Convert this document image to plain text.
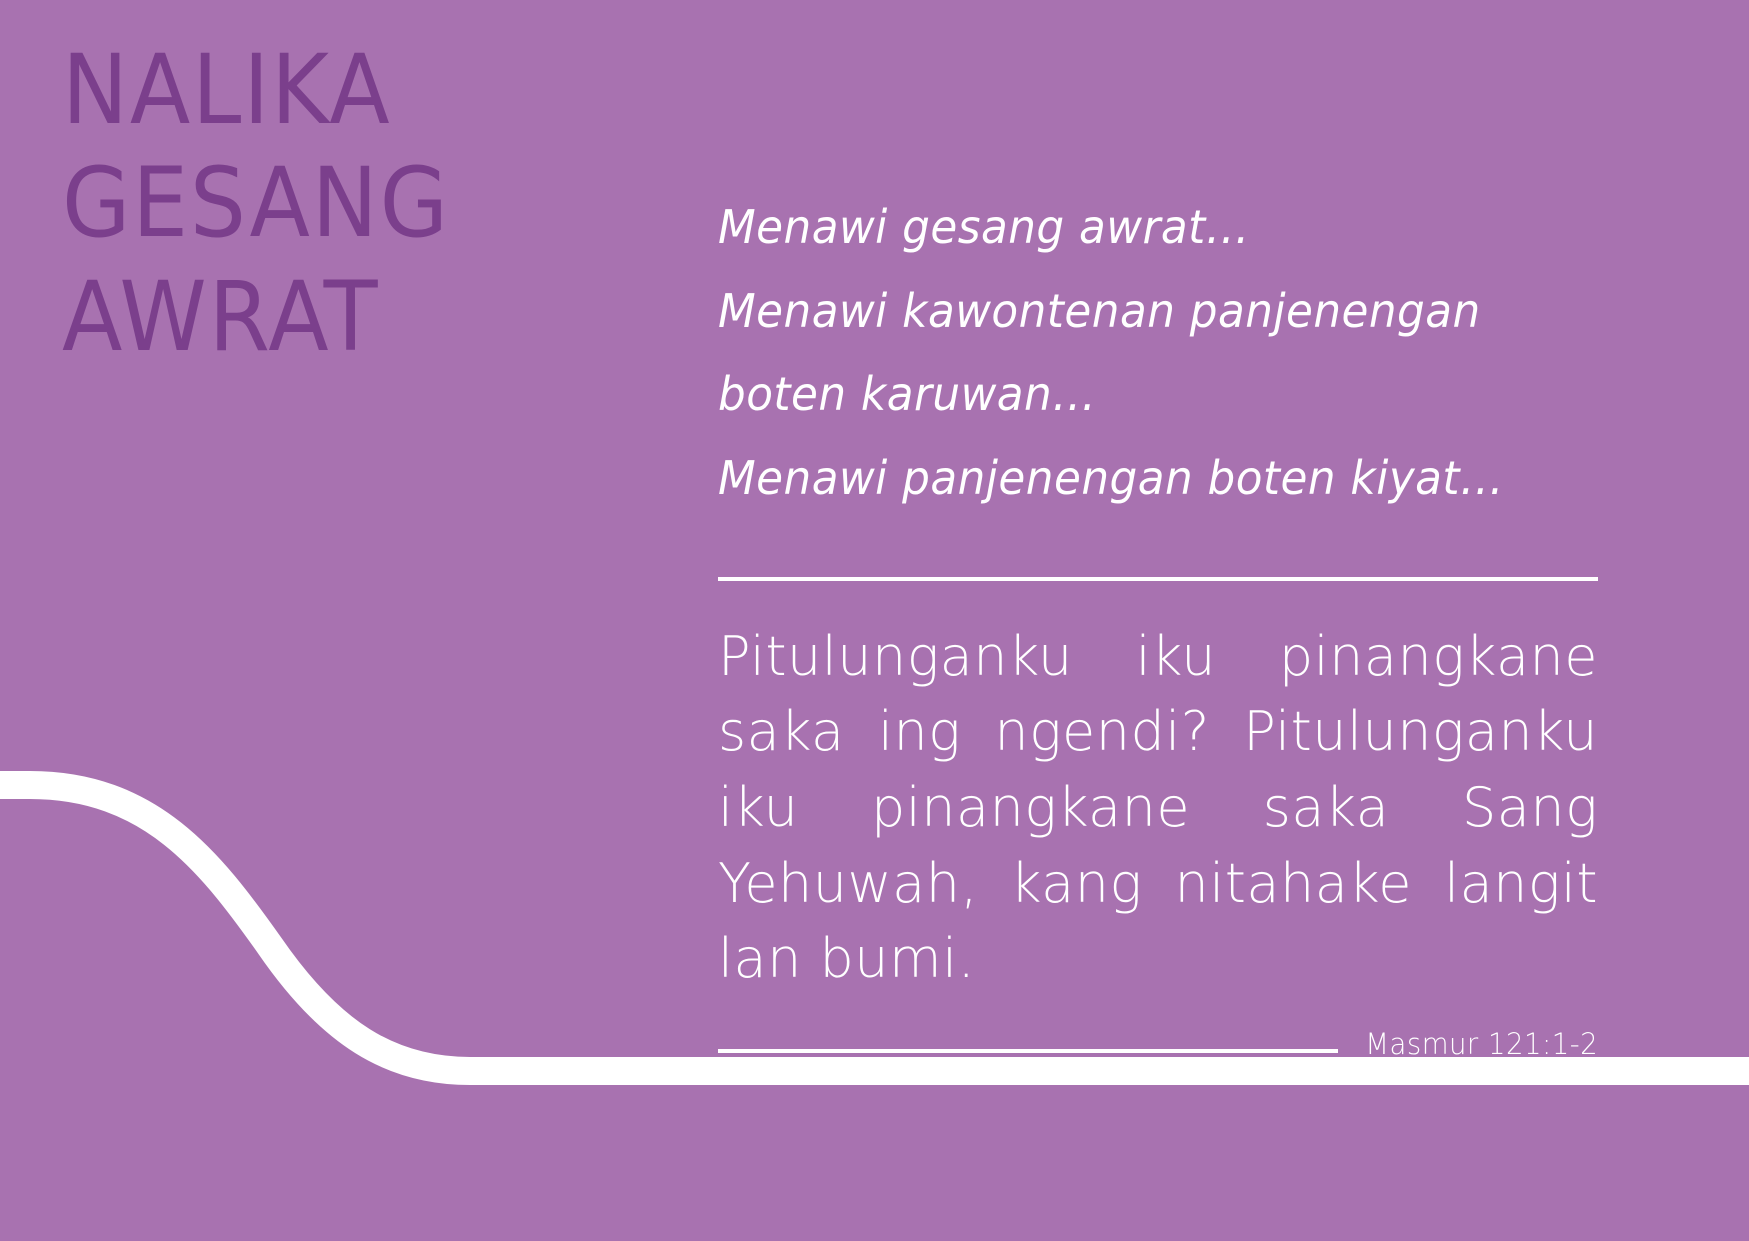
NALIKA
GESANG
AWRAT
Menawi gesang awrat…
Menawi kawontenan panjenengan
boten karuwan…
Menawi panjenengan boten kiyat…
Pitulunganku iku pinangkane saka ing ngendi? Pitulunganku iku pinangkane saka Sang Yehuwah, kang nitahake langit lan bumi.
Masmur 121:1-2
